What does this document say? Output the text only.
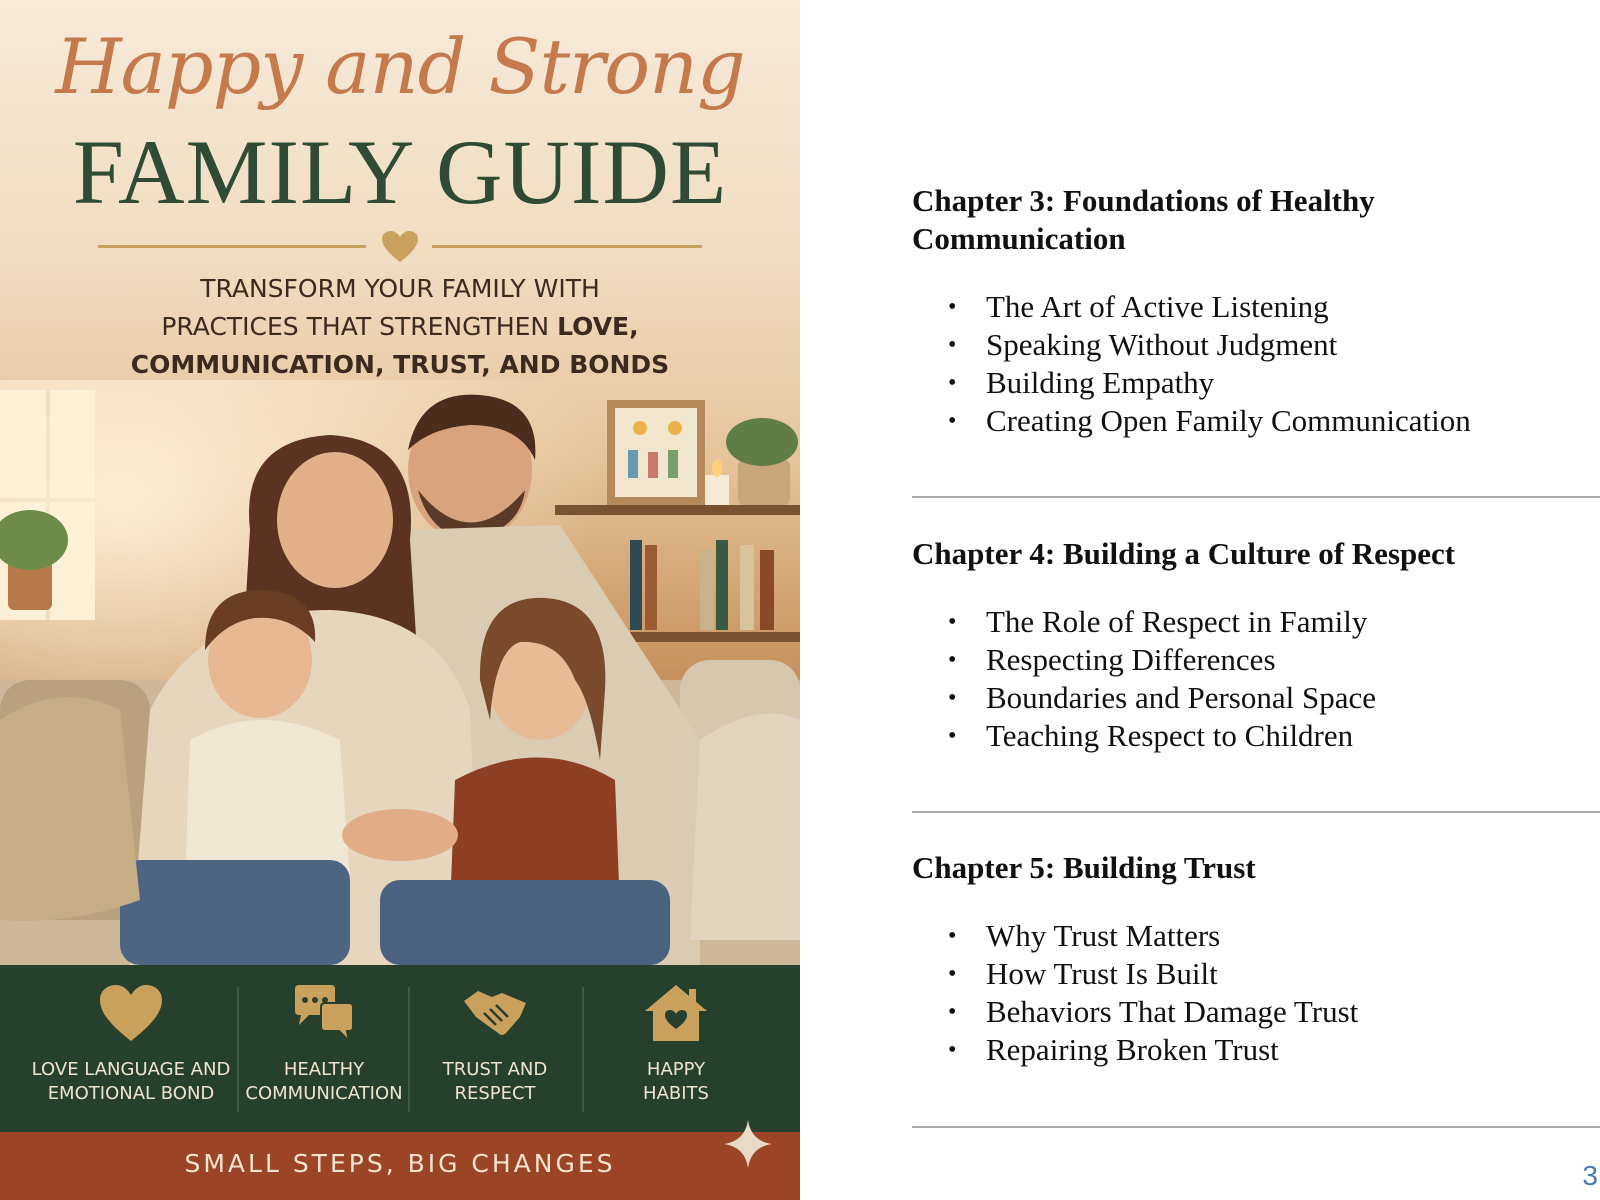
Happy and Strong
FAMILY GUIDE
TRANSFORM YOUR FAMILY WITH
PRACTICES THAT STRENGTHEN LOVE,
COMMUNICATION, TRUST, AND BONDS
LOVE LANGUAGE AND
EMOTIONAL BOND
HEALTHY
COMMUNICATION
TRUST AND
RESPECT
HAPPY
HABITS
SMALL STEPS, BIG CHANGES
Chapter 3: Foundations of Healthy
Communication
• The Art of Active Listening
• Speaking Without Judgment
• Building Empathy
• Creating Open Family Communication
Chapter 4: Building a Culture of Respect
• The Role of Respect in Family
• Respecting Differences
• Boundaries and Personal Space
• Teaching Respect to Children
Chapter 5: Building Trust
• Why Trust Matters
• How Trust Is Built
• Behaviors That Damage Trust
• Repairing Broken Trust
3
